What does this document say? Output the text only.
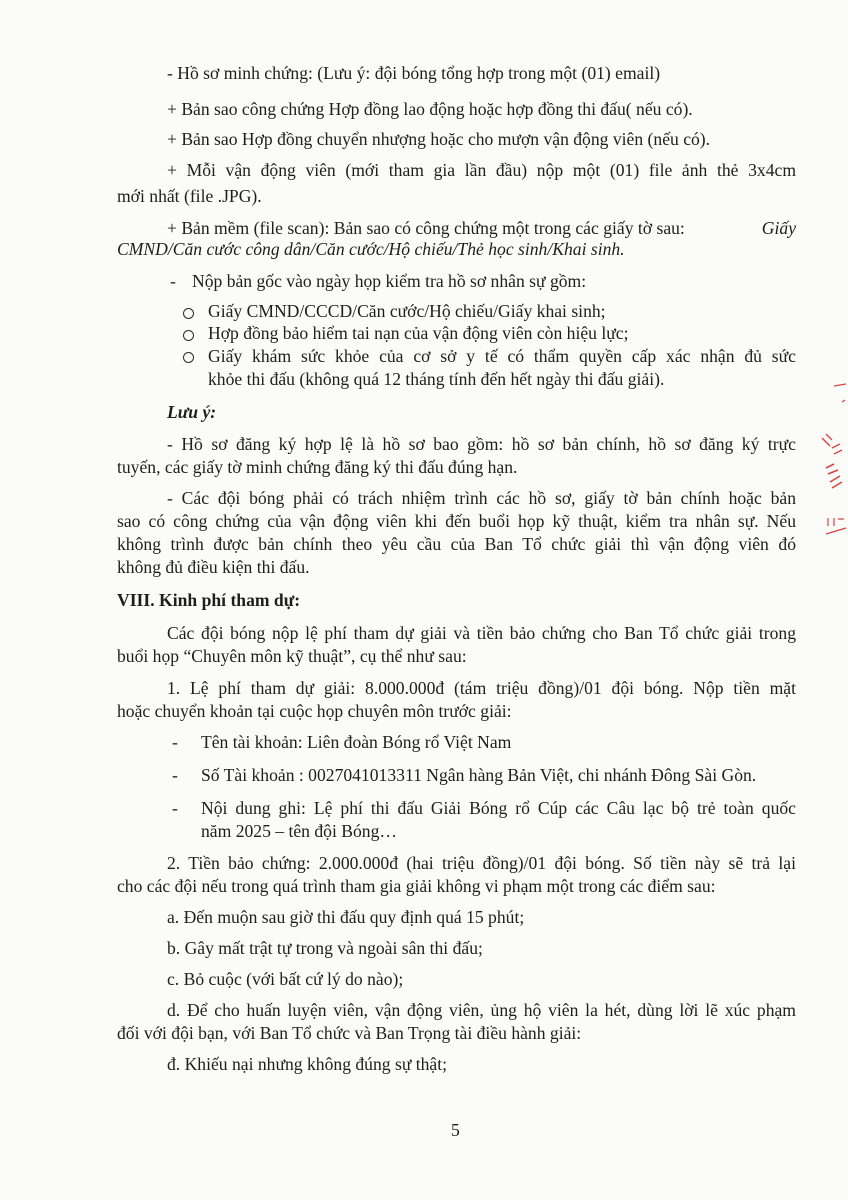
- Hồ sơ minh chứng: (Lưu ý: đội bóng tổng hợp trong một (01) email)
+ Bản sao công chứng Hợp đồng lao động hoặc hợp đồng thi đấu( nếu có).
+ Bản sao Hợp đồng chuyển nhượng hoặc cho mượn vận động viên (nếu có).
+ Mỗi vận động viên (mới tham gia lần đầu) nộp một (01) file ảnh thẻ 3x4cm
mới nhất (file .JPG).
+ Bản mềm (file scan): Bản sao có công chứng một trong các giấy tờ sau:	Giấy
CMND/Căn cước công dân/Căn cước/Hộ chiếu/Thẻ học sinh/Khai sinh.
- Nộp bản gốc vào ngày họp kiểm tra hồ sơ nhân sự gồm:
Giấy CMND/CCCD/Căn cước/Hộ chiếu/Giấy khai sinh;
Hợp đồng bảo hiểm tai nạn của vận động viên còn hiệu lực;
Giấy khám sức khỏe của cơ sở y tế có thẩm quyền cấp xác nhận đủ sức
khỏe thi đấu (không quá 12 tháng tính đến hết ngày thi đấu giải).
Lưu ý:
- Hồ sơ đăng ký hợp lệ là hồ sơ bao gồm: hồ sơ bản chính, hồ sơ đăng ký trực
tuyến, các giấy tờ minh chứng đăng ký thi đấu đúng hạn.
- Các đội bóng phải có trách nhiệm trình các hồ sơ, giấy tờ bản chính hoặc bản
sao có công chứng của vận động viên khi đến buổi họp kỹ thuật, kiểm tra nhân sự. Nếu
không trình được bản chính theo yêu cầu của Ban Tổ chức giải thì vận động viên đó
không đủ điều kiện thi đấu.
VIII. Kinh phí tham dự:
Các đội bóng nộp lệ phí tham dự giải và tiền bảo chứng cho Ban Tổ chức giải trong
buổi họp “Chuyên môn kỹ thuật”, cụ thể như sau:
1. Lệ phí tham dự giải: 8.000.000đ (tám triệu đồng)/01 đội bóng. Nộp tiền mặt
hoặc chuyển khoản tại cuộc họp chuyên môn trước giải:
- Tên tài khoản: Liên đoàn Bóng rổ Việt Nam
- Số Tài khoản : 0027041013311 Ngân hàng Bản Việt, chi nhánh Đông Sài Gòn.
- Nội dung ghi: Lệ phí thi đấu Giải Bóng rổ Cúp các Câu lạc bộ trẻ toàn quốc
năm 2025 – tên đội Bóng…
2. Tiền bảo chứng: 2.000.000đ (hai triệu đồng)/01 đội bóng. Số tiền này sẽ trả lại
cho các đội nếu trong quá trình tham gia giải không vi phạm một trong các điểm sau:
a. Đến muộn sau giờ thi đấu quy định quá 15 phút;
b. Gây mất trật tự trong và ngoài sân thi đấu;
c. Bỏ cuộc (với bất cứ lý do nào);
d. Để cho huấn luyện viên, vận động viên, ủng hộ viên la hét, dùng lời lẽ xúc phạm
đối với đội bạn, với Ban Tổ chức và Ban Trọng tài điều hành giải:
đ. Khiếu nại nhưng không đúng sự thật;
5
